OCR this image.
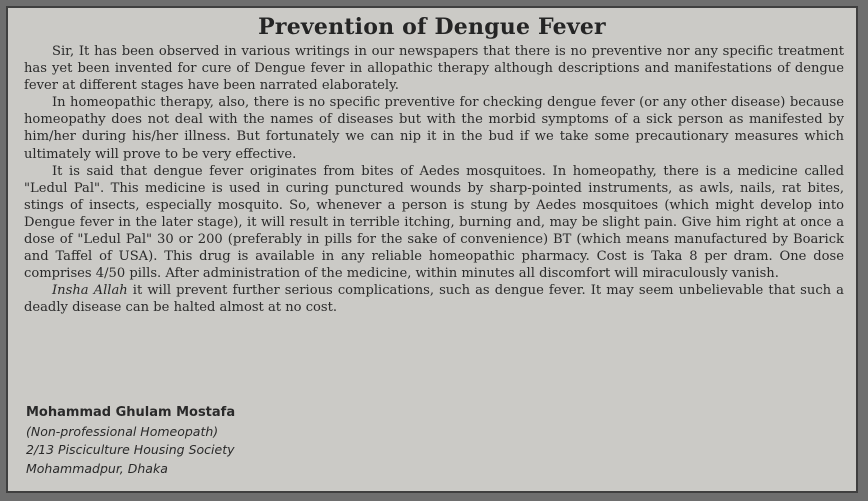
Prevention of Dengue Fever

Sir, It has been observed in various writings in our newspapers that there is no preventive nor any specific treatment has yet been invented for cure of Dengue fever in allopathic therapy although descriptions and manifestations of dengue fever at different stages have been narrated elaborately.

In homeopathic therapy, also, there is no specific preventive for checking dengue fever (or any other disease) because homeopathy does not deal with the names of diseases but with the morbid symptoms of a sick person as manifested by him/her during his/her illness. But fortunately we can nip it in the bud if we take some precautionary measures which ultimately will prove to be very effective.

It is said that dengue fever originates from bites of Aedes mosquitoes. In homeopathy, there is a medicine called "Ledul Pal". This medicine is used in curing punctured wounds by sharp-pointed instruments, as awls, nails, rat bites, stings of insects, especially mosquito. So, whenever a person is stung by Aedes mosquitoes (which might develop into Dengue fever in the later stage), it will result in terrible itching, burning and, may be slight pain. Give him right at once a dose of "Ledul Pal" 30 or 200 (preferably in pills for the sake of convenience) BT (which means manufactured by Boarick and Taffel of USA). This drug is available in any reliable homeopathic pharmacy. Cost is Taka 8 per dram. One dose comprises 4/50 pills. After administration of the medicine, within minutes all discomfort will miraculously vanish.

Insha Allah it will prevent further serious complications, such as dengue fever. It may seem unbelievable that such a deadly disease can be halted almost at no cost.

Mohammad Ghulam Mostafa
(Non-professional Homeopath)
2/13 Pisciculture Housing Society
Mohammadpur, Dhaka
